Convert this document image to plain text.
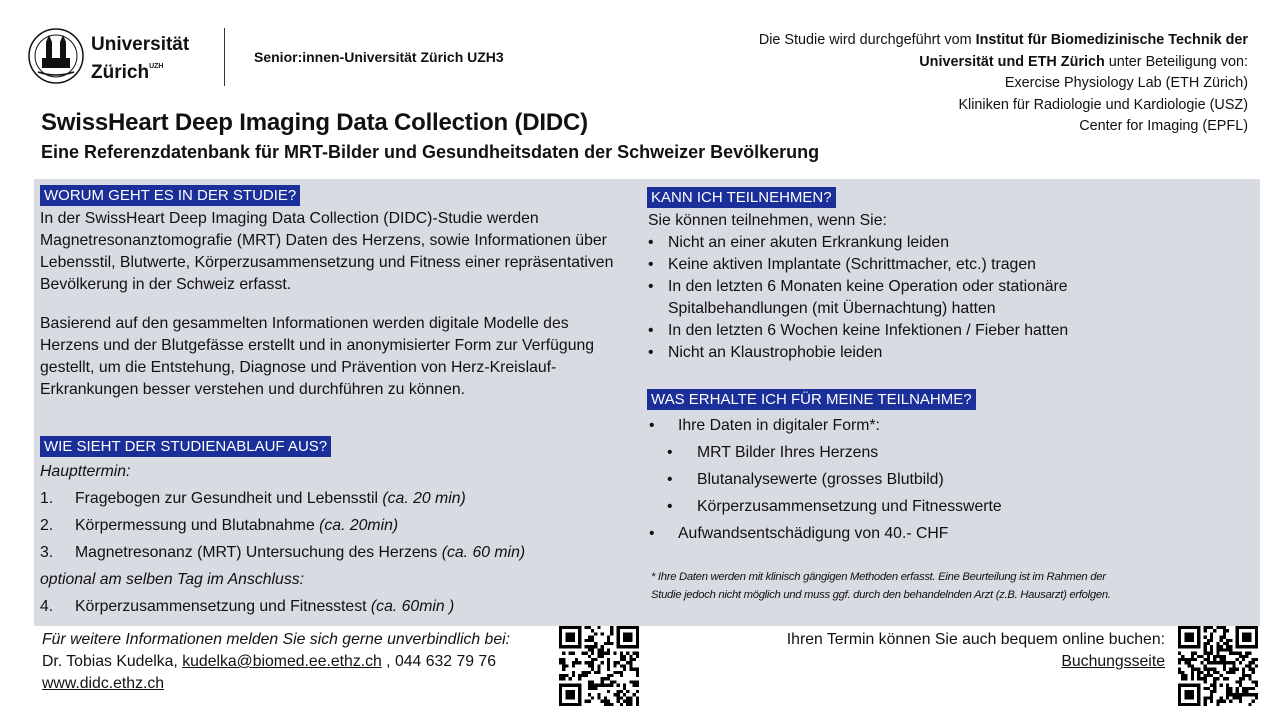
Universität
Zürich$^{UZH}$
Senior:innen-Universität Zürich UZH3
Die Studie wird durchgeführt vom Institut für Biomedizinische Technik der
Universität und ETH Zürich unter Beteiligung von:
Exercise Physiology Lab (ETH Zürich)
Kliniken für Radiologie und Kardiologie (USZ)
Center for Imaging (EPFL)
SwissHeart Deep Imaging Data Collection (DIDC)
Eine Referenzdatenbank für MRT-Bilder und Gesundheitsdaten der Schweizer Bevölkerung
WORUM GEHT ES IN DER STUDIE?
In der SwissHeart Deep Imaging Data Collection (DIDC)-Studie werden Magnetresonanztomografie (MRT) Daten des Herzens, sowie Informationen über Lebensstil, Blutwerte, Körperzusammensetzung und Fitness einer repräsentativen Bevölkerung in der Schweiz erfasst.
Basierend auf den gesammelten Informationen werden digitale Modelle des Herzens und der Blutgefässe erstellt und in anonymisierter Form zur Verfügung gestellt, um die Entstehung, Diagnose und Prävention von Herz-Kreislauf-Erkrankungen besser verstehen und durchführen zu können.
WIE SIEHT DER STUDIENABLAUF AUS?
Haupttermin:
1. Fragebogen zur Gesundheit und Lebensstil (ca. 20 min)
2. Körpermessung und Blutabnahme (ca. 20min)
3. Magnetresonanz (MRT) Untersuchung des Herzens (ca. 60 min)
optional am selben Tag im Anschluss:
4. Körperzusammensetzung und Fitnesstest (ca. 60min )
KANN ICH TEILNEHMEN?
Sie können teilnehmen, wenn Sie:
• Nicht an einer akuten Erkrankung leiden
• Keine aktiven Implantate (Schrittmacher, etc.) tragen
• In den letzten 6 Monaten keine Operation oder stationäre
Spitalbehandlungen (mit Übernachtung) hatten
• In den letzten 6 Wochen keine Infektionen / Fieber hatten
• Nicht an Klaustrophobie leiden
WAS ERHALTE ICH FÜR MEINE TEILNAHME?
• Ihre Daten in digitaler Form*:
• MRT Bilder Ihres Herzens
• Blutanalysewerte (grosses Blutbild)
• Körperzusammensetzung und Fitnesswerte
• Aufwandsentschädigung von 40.- CHF
* Ihre Daten werden mit klinisch gängigen Methoden erfasst. Eine Beurteilung ist im Rahmen der
Studie jedoch nicht möglich und muss ggf. durch den behandelnden Arzt (z.B. Hausarzt) erfolgen.
Für weitere Informationen melden Sie sich gerne unverbindlich bei:
Dr. Tobias Kudelka, kudelka@biomed.ee.ethz.ch , 044 632 79 76
www.didc.ethz.ch
Ihren Termin können Sie auch bequem online buchen:
Buchungsseite
